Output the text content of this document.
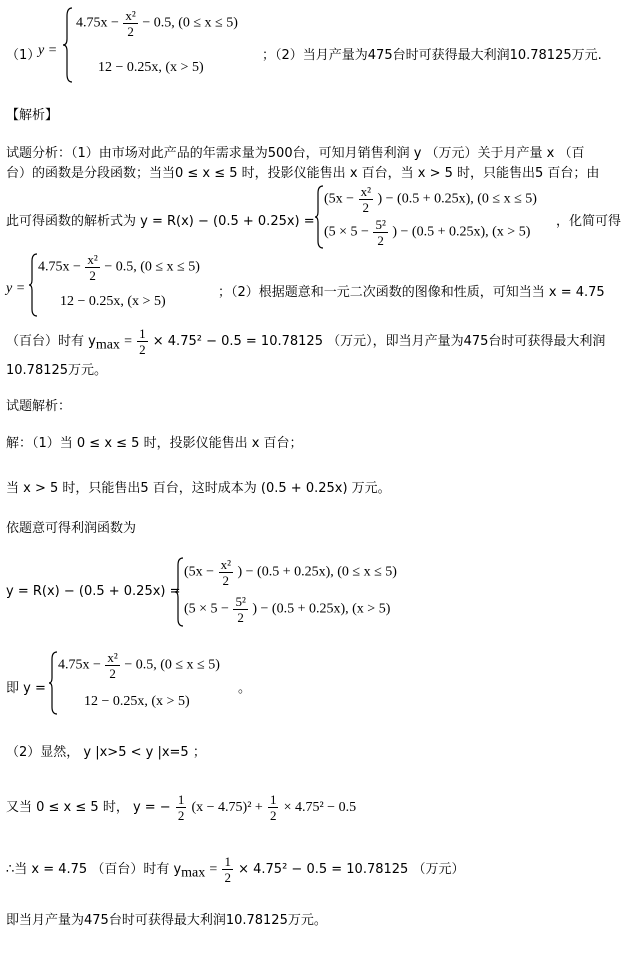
（1）
y =
$4.75x - \frac{\text{x²}}{2} - 0.5$, (0 ≤ x ≤ 5)
12 − 0.25x, (x > 5)
；（2）当月产量为475台时可获得最大利润10.78125万元.
【解析】
试题分析：（1）由市场对此产品的年需求量为500台，可知月销售利润 y （万元）关于月产量 x （百
台）的函数是分段函数；当当0 ≤ x ≤ 5 时，投影仪能售出 x 百台，当 x > 5 时，只能售出5 百台；由
此可得函数的解析式为 y = R(x) − (0.5 + 0.25x) =
($5x - \frac{\text{x²}}{2}$ ) − (0.5 + 0.25x), (0 ≤ x ≤ 5)
($5 \times 5 - \frac{\text{5²}}{2}$ ) − (0.5 + 0.25x), (x > 5)
，化简可得
y =
$4.75x - \frac{\text{x²}}{2} - 0.5$, (0 ≤ x ≤ 5)
12 − 0.25x, (x > 5)
；（2）根据题意和一元二次函数的图像和性质，可知当当 x = 4.75
（百台）时有 $y_{max} = \frac{1}{2} \times 4.75^2 - 0.5 = 10.78125$ （万元），即当月产量为475台时可获得最大利润
10.78125万元。
试题解析：
解：（1）当 0 ≤ x ≤ 5 时，投影仪能售出 x 百台；
当 x > 5 时，只能售出5 百台，这时成本为 (0.5 + 0.25x) 万元。
依题意可得利润函数为
y = R(x) − (0.5 + 0.25x) =
($5x - \frac{\text{x²}}{2}$ ) − (0.5 + 0.25x), (0 ≤ x ≤ 5)
($5 \times 5 - \frac{\text{5²}}{2}$ ) − (0.5 + 0.25x), (x > 5)
即 y =
$4.75x - \frac{\text{x²}}{2} - 0.5$, (0 ≤ x ≤ 5)
12 − 0.25x, (x > 5)
。
（2）显然， y |x>5 < y |x=5 ；
又当 0 ≤ x ≤ 5 时， y = − $\frac{1}{2} (x - 4.75)^2 + \frac{1}{2} \times 4.75^2 - 0.5$
∴当 x = 4.75 （百台）时有 $y_{max} = \frac{1}{2} \times 4.75^2 - 0.5 = 10.78125$ （万元）
即当月产量为475台时可获得最大利润10.78125万元。
